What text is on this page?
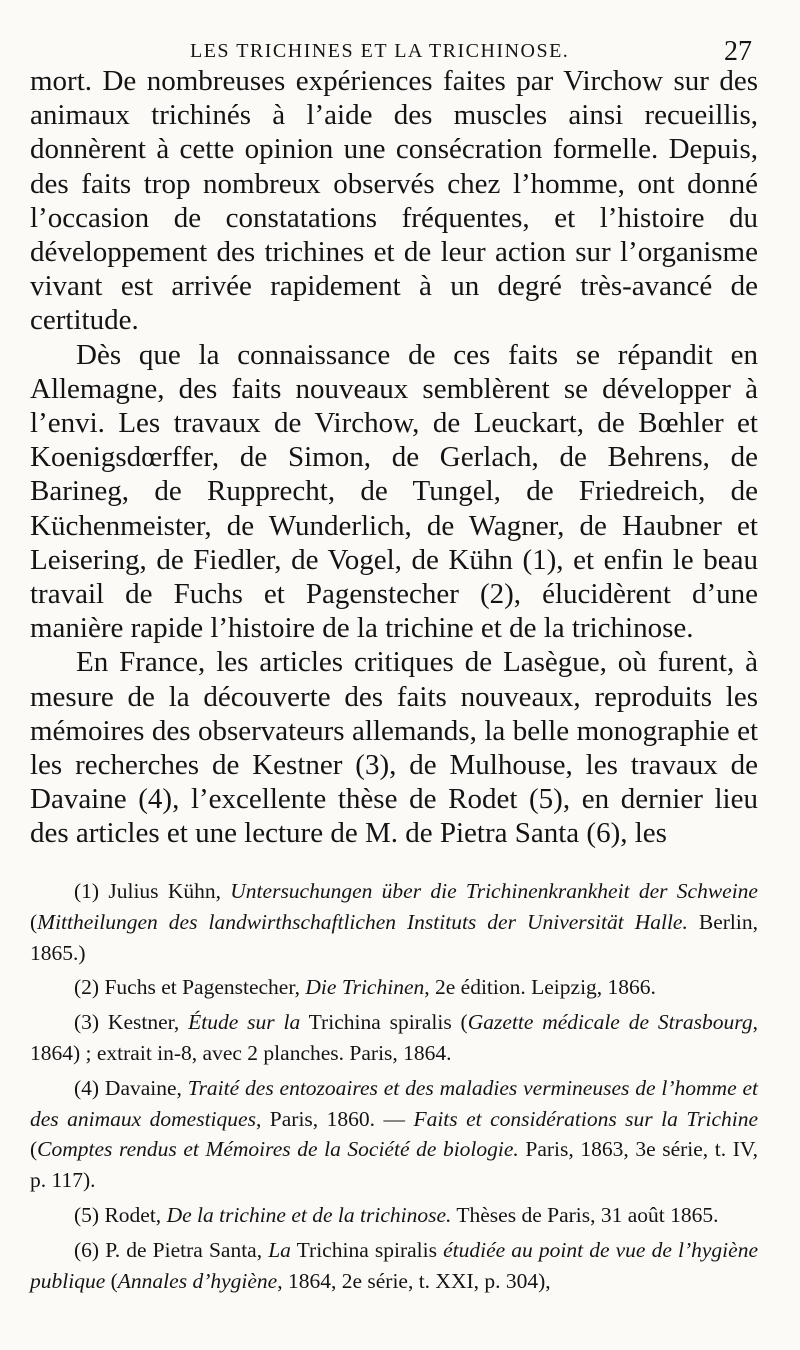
LES TRICHINES ET LA TRICHINOSE.	27

mort. De nombreuses expériences faites par Virchow sur des animaux trichinés à l’aide des muscles ainsi recueillis, donnèrent à cette opinion une consécration formelle. Depuis, des faits trop nombreux observés chez l’homme, ont donné l’occasion de constatations fréquentes, et l’histoire du développement des trichines et de leur action sur l’organisme vivant est arrivée rapidement à un degré très-avancé de certitude.

Dès que la connaissance de ces faits se répandit en Allemagne, des faits nouveaux semblèrent se développer à l’envi. Les travaux de Virchow, de Leuckart, de Bœhler et Koenigsdœrffer, de Simon, de Gerlach, de Behrens, de Barineg, de Rupprecht, de Tungel, de Friedreich, de Küchenmeister, de Wunderlich, de Wagner, de Haubner et Leisering, de Fiedler, de Vogel, de Kühn (1), et enfin le beau travail de Fuchs et Pagenstecher (2), élucidèrent d’une manière rapide l’histoire de la trichine et de la trichinose.

En France, les articles critiques de Lasègue, où furent, à mesure de la découverte des faits nouveaux, reproduits les mémoires des observateurs allemands, la belle monographie et les recherches de Kestner (3), de Mulhouse, les travaux de Davaine (4), l’excellente thèse de Rodet (5), en dernier lieu des articles et une lecture de M. de Pietra Santa (6), les

(1) Julius Kühn, Untersuchungen über die Trichinenkrankheit der Schweine (Mittheilungen des landwirthschaftlichen Instituts der Universität Halle. Berlin, 1865.)

(2) Fuchs et Pagenstecher, Die Trichinen, 2e édition. Leipzig, 1866.

(3) Kestner, Étude sur la Trichina spiralis (Gazette médicale de Strasbourg, 1864) ; extrait in-8, avec 2 planches. Paris, 1864.

(4) Davaine, Traité des entozoaires et des maladies vermineuses de l’homme et des animaux domestiques, Paris, 1860. — Faits et considérations sur la Trichine (Comptes rendus et Mémoires de la Société de biologie. Paris, 1863, 3e série, t. IV, p. 117).

(5) Rodet, De la trichine et de la trichinose. Thèses de Paris, 31 août 1865.

(6) P. de Pietra Santa, La Trichina spiralis étudiée au point de vue de l’hygiène publique (Annales d’hygiène, 1864, 2e série, t. XXI, p. 304),
